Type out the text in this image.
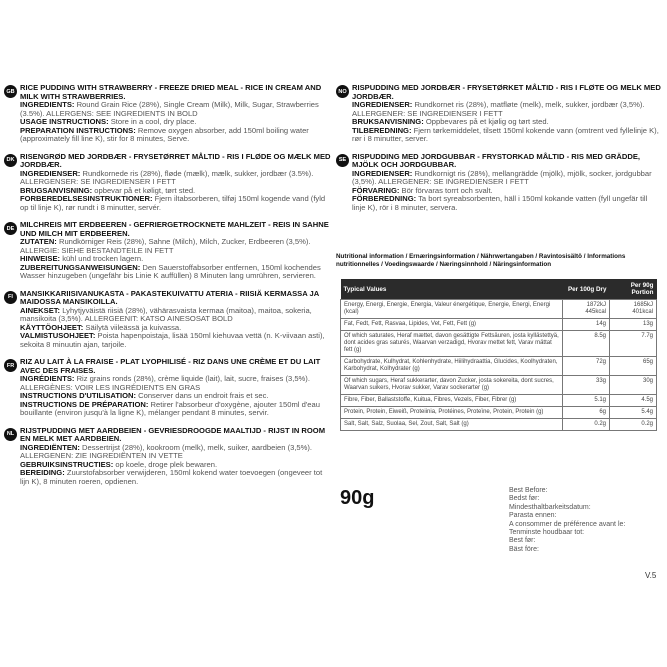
GB RICE PUDDING WITH STRAWBERRY - FREEZE DRIED MEAL - RICE IN CREAM AND MILK WITH STRAWBERRIES.

INGREDIENTS: Round Grain Rice (28%), Single Cream (Milk), Milk, Sugar, Strawberries (3.5%). ALLERGENS: SEE INGREDIENTS IN BOLD

USAGE INSTRUCTIONS: Store in a cool, dry place.

PREPARATION INSTRUCTIONS: Remove oxygen absorber, add 150ml boiling water (approximately fill line K), stir for 8 minutes, Serve.

DK RISENGRØD MED JORDBÆR - FRYSETØRRET MÅLTID - RIS I FLØDE OG MÆLK MED JORDBÆR.

INGREDIENSER: Rundkornede ris (28%), fløde (mælk), mælk, sukker, jordbær (3.5%). ALLERGENSER: SE INGREDIENSER I FETT

BRUGSANVISNING: opbevar på et køligt, tørt sted.

FORBEREDELSESINSTRUKTIONER: Fjern iltabsorberen, tilføj 150ml kogende vand (fyld op til linje K), rør rundt i 8 minutter, servér.

DE MILCHREIS MIT ERDBEEREN - GEFRIERGETROCKNETE MAHLZEIT - REIS IN SAHNE UND MILCH MIT ERDBEEREN.

ZUTATEN: Rundkörniger Reis (28%), Sahne (Milch), Milch, Zucker, Erdbeeren (3,5%). ALLERGIE: SIEHE BESTANDTEILE IN FETT

HINWEISE: kühl und trocken lagern.

ZUBEREITUNGSANWEISUNGEN: Den Sauerstoffabsorber entfernen, 150ml kochendes Wasser hinzugeben (ungefähr bis Linie K auffüllen) 8 Minuten lang umrühren, servieren.

FI MANSIKKARIISIVANUKASTA - PAKASTEKUIVATTU ATERIA - RIISIÄ KERMASSA JA MAIDOSSA MANSIKOILLA.

AINEKSET: Lyhytjyväistä riisiä (28%), vähärasvaista kermaa (maitoa), maitoa, sokeria, mansikoita (3,5%). ALLERGEENIT: KATSO AINESOSAT BOLD

KÄYTTÖOHJEET: Säilytä viileässä ja kuivassa.

VALMISTUSOHJEET: Poista hapenpoistaja, lisää 150ml kiehuvaa vettä (n. K-viivaan asti), sekoita 8 minuutin ajan, tarjoile.

FR RIZ AU LAIT À LA FRAISE - PLAT LYOPHILISÉ - RIZ DANS UNE CRÈME ET DU LAIT AVEC DES FRAISES.

INGRÉDIENTS: Riz grains ronds (28%), crème liquide (lait), lait, sucre, fraises (3,5%). ALLERGÈNES: VOIR LES INGRÉDIENTS EN GRAS

INSTRUCTIONS D'UTILISATION: Conserver dans un endroit frais et sec.

INSTRUCTIONS DE PRÉPARATION: Retirer l'absorbeur d'oxygène, ajouter 150ml d'eau bouillante (environ jusqu'à la ligne K), mélanger pendant 8 minutes, servir.

NL RIJSTPUDDING MET AARDBEIEN - GEVRIESDROOGDE MAALTIJD - RIJST IN ROOM EN MELK MET AARDBEIEN.

INGREDIËNTEN: Dessertrijst (28%), kookroom (melk), melk, suiker, aardbeien (3,5%). ALLERGENEN: ZIE INGREDIËNTEN IN VETTE

GEBRUIKSINSTRUCTIES: op koele, droge plek bewaren.

BEREIDING: Zuurstofabsorber verwijderen, 150ml kokend water toevoegen (ongeveer tot lijn K), 8 minuten roeren, opdienen.

NO RISPUDDING MED JORDBÆR - FRYSETØRKET MÅLTID - RIS I FLØTE OG MELK MED JORDBÆR.

INGREDIENSER: Rundkornet ris (28%), matfløte (melk), melk, sukker, jordbær (3,5%). ALLERGENER: SE INGREDIENSER I FETT

BRUKSANVISNING: Oppbevares på et kjølig og tørt sted.

TILBEREDNING: Fjern tørkemiddelet, tilsett 150ml kokende vann (omtrent ved fyllelinje K), rør i 8 minutter, server.

SE RISPUDDING MED JORDGUBBAR - FRYSTORKAD MÅLTID - RIS MED GRÄDDE, MJÖLK OCH JORDGUBBAR.

INGREDIENSER: Rundkornigt ris (28%), mellangrädde (mjölk), mjölk, socker, jordgubbar (3,5%). ALLERGENER: SE INGREDIENSER I FETT

FÖRVARING: Bör förvaras torrt och svalt.

FÖRBEREDNING: Ta bort syreabsorbenten, häll i 150ml kokande vatten (fyll ungefär till linje K), rör i 8 minuter, servera.

Nutritional information / Ernæringsinformation / Nährwertangaben / Ravintosisältö / Informations nutritionnelles / Voedingswaarde / Næringsinnhold / Näringsinformation
Typical Values	Per 100g Dry	Per 90g Portion
Energy, Energi, Energie, Energia, Valeur énergétique, Energie, Energi, Energi (kcal)	1872kJ 445kcal	1685kJ 401kcal
Fat, Fedt, Fett, Rasvaa, Lipides, Vet, Fett, Fett (g)	14g	13g
Of which saturates, Heraf mættet, davon gesättigte Fettsäuren, josta kyllästettyä, dont acides gras saturés, Waarvan verzadigd, Hvorav mettet fett, Varav mättat fett (g)	8.5g	7.7g
Carbohydrate, Kulhydrat, Kohlenhydrate, Hiilihydraattia, Glucides, Koolhydraten, Karbohydrat, Kolhydrater (g)	72g	65g
Of which sugars, Heraf sukkerarter, davon Zucker, josta sokereita, dont sucres, Waarvan suikers, Hvorav sukker, Varav sockerarter (g)	33g	30g
Fibre, Fiber, Ballaststoffe, Kuitua, Fibres, Vezels, Fiber, Fibrer (g)	5.1g	4.5g
Protein, Protein, Eiweiß, Proteiinia, Protéines, Proteïne, Protein, Protein (g)	6g	5.4g
Salt, Salt, Salz, Suolaa, Sel, Zout, Salt, Salt (g)	0.2g	0.2g
90g	Best Before:
Bedst før:
Mindesthaltbarkeitsdatum:
Parasta ennen:
A consommer de préférence avant le:
Tenminste houdbaar tot:
Best før:
Bäst före:
V.5
